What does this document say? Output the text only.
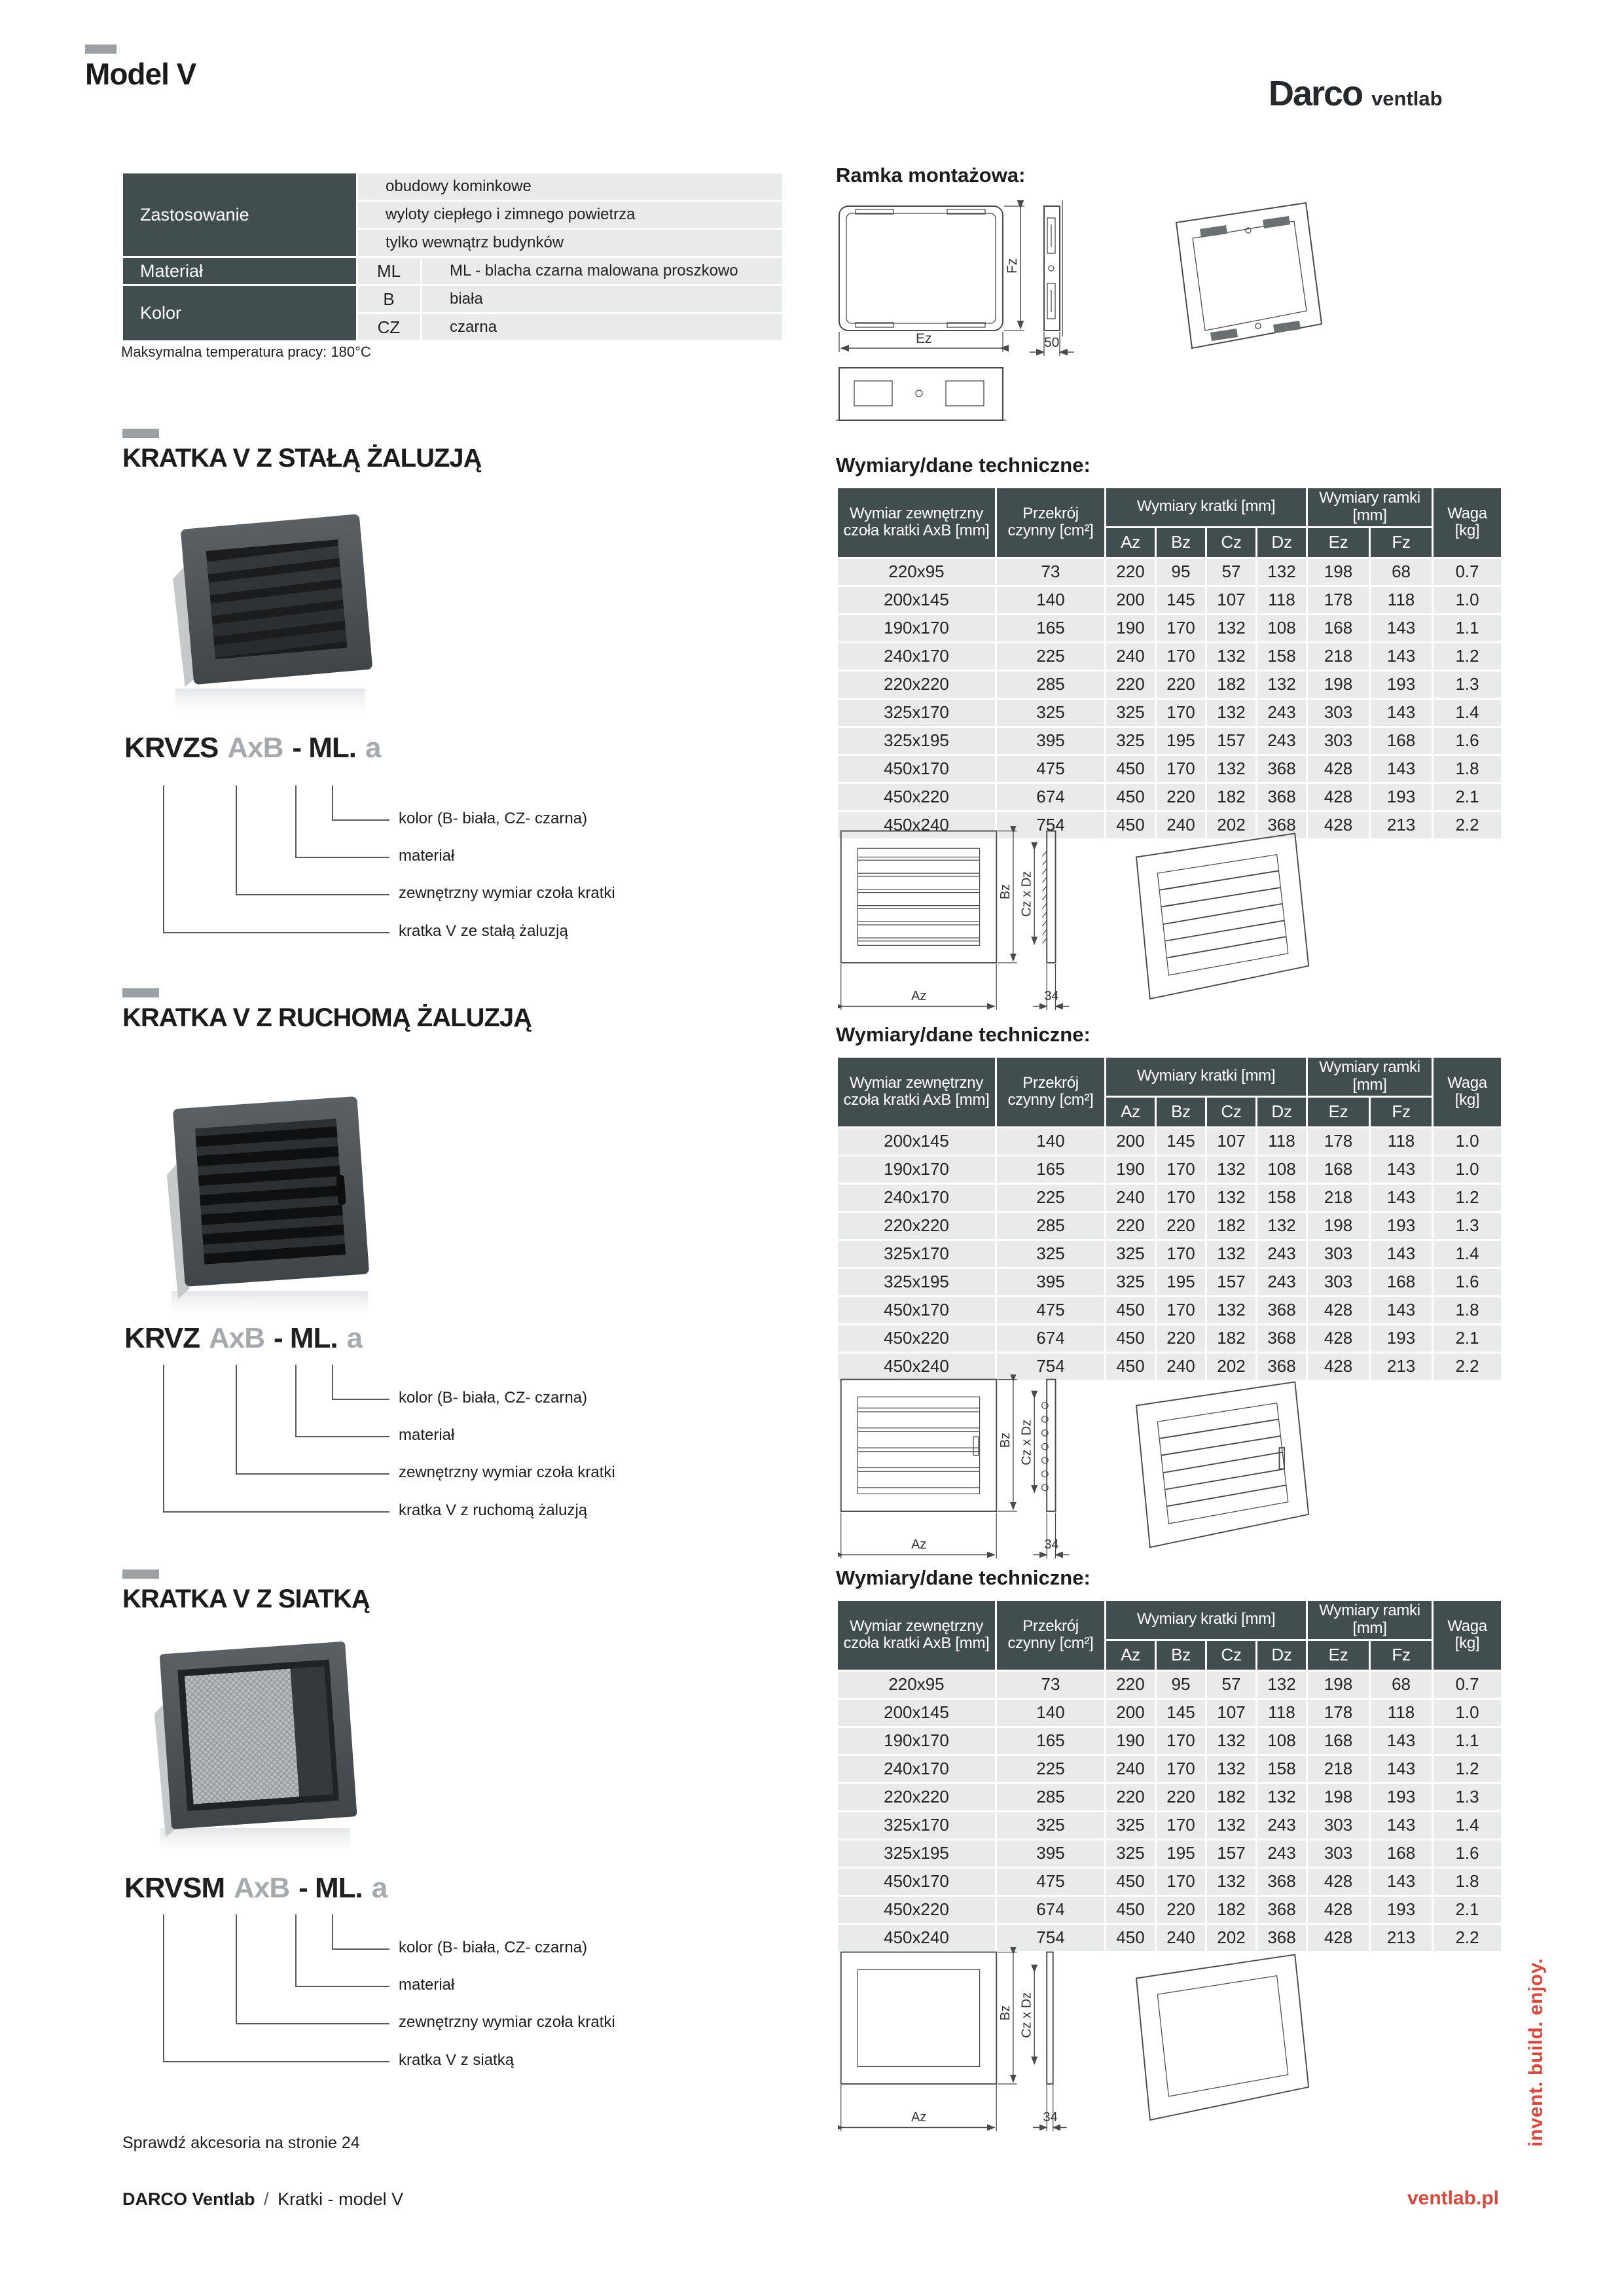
Model V	Darco ventlab
Zastosowanie	obudowy kominkowe	
	wyloty ciepłego i zimnego powietrza	
	tylko wewnątrz budynków	
Materiał	ML	ML - blacha czarna malowana proszkowo
Kolor	B	biała
	CZ	czarna
Maksymalna temperatura pracy: 180°C
Ramka montażowa:
Ez
Fz
50
KRATKA V Z STAŁĄ ŻALUZJĄ
KRVZS AxB - ML. a
kolor (B- biała, CZ- czarna)
materiał
zewnętrzny wymiar czoła kratki
kratka V ze stałą żaluzją
Wymiary/dane techniczne:
Wymiar zewnętrzny czoła kratki AxB [mm]	Przekrój czynny [cm²]	Wymiary kratki [mm]				Wymiary ramki [mm]		Waga [kg]
		Az	Bz	Cz	Dz	Ez	Fz	
220x95	73	220	95	57	132	198	68	0.7
200x145	140	200	145	107	118	178	118	1.0
190x170	165	190	170	132	108	168	143	1.1
240x170	225	240	170	132	158	218	143	1.2
220x220	285	220	220	182	132	198	193	1.3
325x170	325	325	170	132	243	303	143	1.4
325x195	395	325	195	157	243	303	168	1.6
450x170	475	450	170	132	368	428	143	1.8
450x220	674	450	220	182	368	428	193	2.1
450x240	754	450	240	202	368	428	213	2.2
Bz
Az
Cz x Dz
34
KRATKA V Z RUCHOMĄ ŻALUZJĄ
KRVZ AxB - ML. a
kolor (B- biała, CZ- czarna)
materiał
zewnętrzny wymiar czoła kratki
kratka V z ruchomą żaluzją
Wymiary/dane techniczne:
Wymiar zewnętrzny czoła kratki AxB [mm]	Przekrój czynny [cm²]	Wymiary kratki [mm]				Wymiary ramki [mm]		Waga [kg]
		Az	Bz	Cz	Dz	Ez	Fz	
200x145	140	200	145	107	118	178	118	1.0
190x170	165	190	170	132	108	168	143	1.0
240x170	225	240	170	132	158	218	143	1.2
220x220	285	220	220	182	132	198	193	1.3
325x170	325	325	170	132	243	303	143	1.4
325x195	395	325	195	157	243	303	168	1.6
450x170	475	450	170	132	368	428	143	1.8
450x220	674	450	220	182	368	428	193	2.1
450x240	754	450	240	202	368	428	213	2.2
Bz
Az
Cz x Dz
34
KRATKA V Z SIATKĄ
KRVSM AxB - ML. a
kolor (B- biała, CZ- czarna)
materiał
zewnętrzny wymiar czoła kratki
kratka V z siatką
Wymiary/dane techniczne:
Wymiar zewnętrzny czoła kratki AxB [mm]	Przekrój czynny [cm²]	Wymiary kratki [mm]				Wymiary ramki [mm]		Waga [kg]
		Az	Bz	Cz	Dz	Ez	Fz	
220x95	73	220	95	57	132	198	68	0.7
200x145	140	200	145	107	118	178	118	1.0
190x170	165	190	170	132	108	168	143	1.1
240x170	225	240	170	132	158	218	143	1.2
220x220	285	220	220	182	132	198	193	1.3
325x170	325	325	170	132	243	303	143	1.4
325x195	395	325	195	157	243	303	168	1.6
450x170	475	450	170	132	368	428	143	1.8
450x220	674	450	220	182	368	428	193	2.1
450x240	754	450	240	202	368	428	213	2.2
Bz
Az
Cz x Dz
34
Sprawdź akcesoria na stronie 24
DARCO Ventlab / Kratki - model V	ventlab.pl
invent. build. enjoy.
